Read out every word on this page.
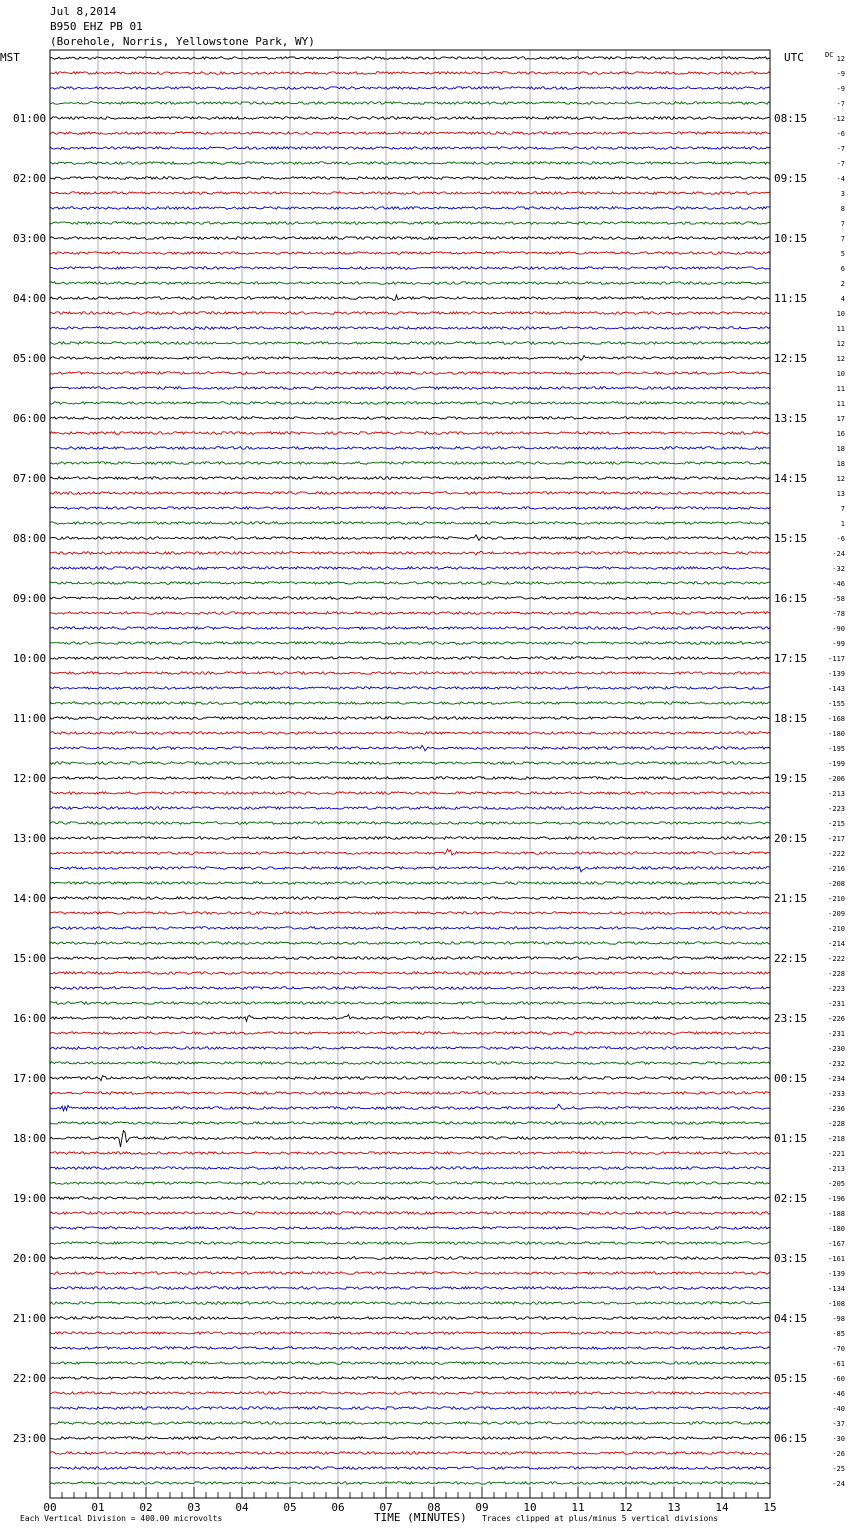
Jul 8,2014
B950 EHZ PB 01
(Borehole, Norris, Yellowstone Park, WY)
MST	UTC	DC
01:00
02:00
03:00
04:00
05:00
06:00
07:00
08:00
09:00
10:00
11:00
12:00
13:00
14:00
15:00
16:00
17:00
18:00
19:00
20:00
21:00
22:00
23:00
08:15
09:15
10:15
11:15
12:15
13:15
14:15
15:15
16:15
17:15
18:15
19:15
20:15
21:15
22:15
23:15
00:15
01:15
02:15
03:15
04:15
05:15
06:15
12
-9
-9
-7
-12
-6
-7
-7
-4
3
8
7
7
5
6
2
4
10
11
12
12
10
11
11
17
16
18
18
12
13
7
1
-6
-24
-32
-46
-58
-78
-90
-99
-117
-139
-143
-155
-168
-180
-195
-199
-206
-213
-223
-215
-217
-222
-216
-208
-210
-209
-210
-214
-222
-228
-223
-231
-226
-231
-230
-232
-234
-233
-236
-228
-218
-221
-213
-205
-196
-188
-180
-167
-161
-139
-134
-108
-98
-85
-70
-61
-60
-46
-40
-37
-30
-26
-25
-24
00	01	02	03	04	05	06	07	08	09	10	11	12	13	14	15
Each Vertical Division = 400.00 microvolts	TIME (MINUTES) Traces clipped at plus/minus 5 vertical divisions
